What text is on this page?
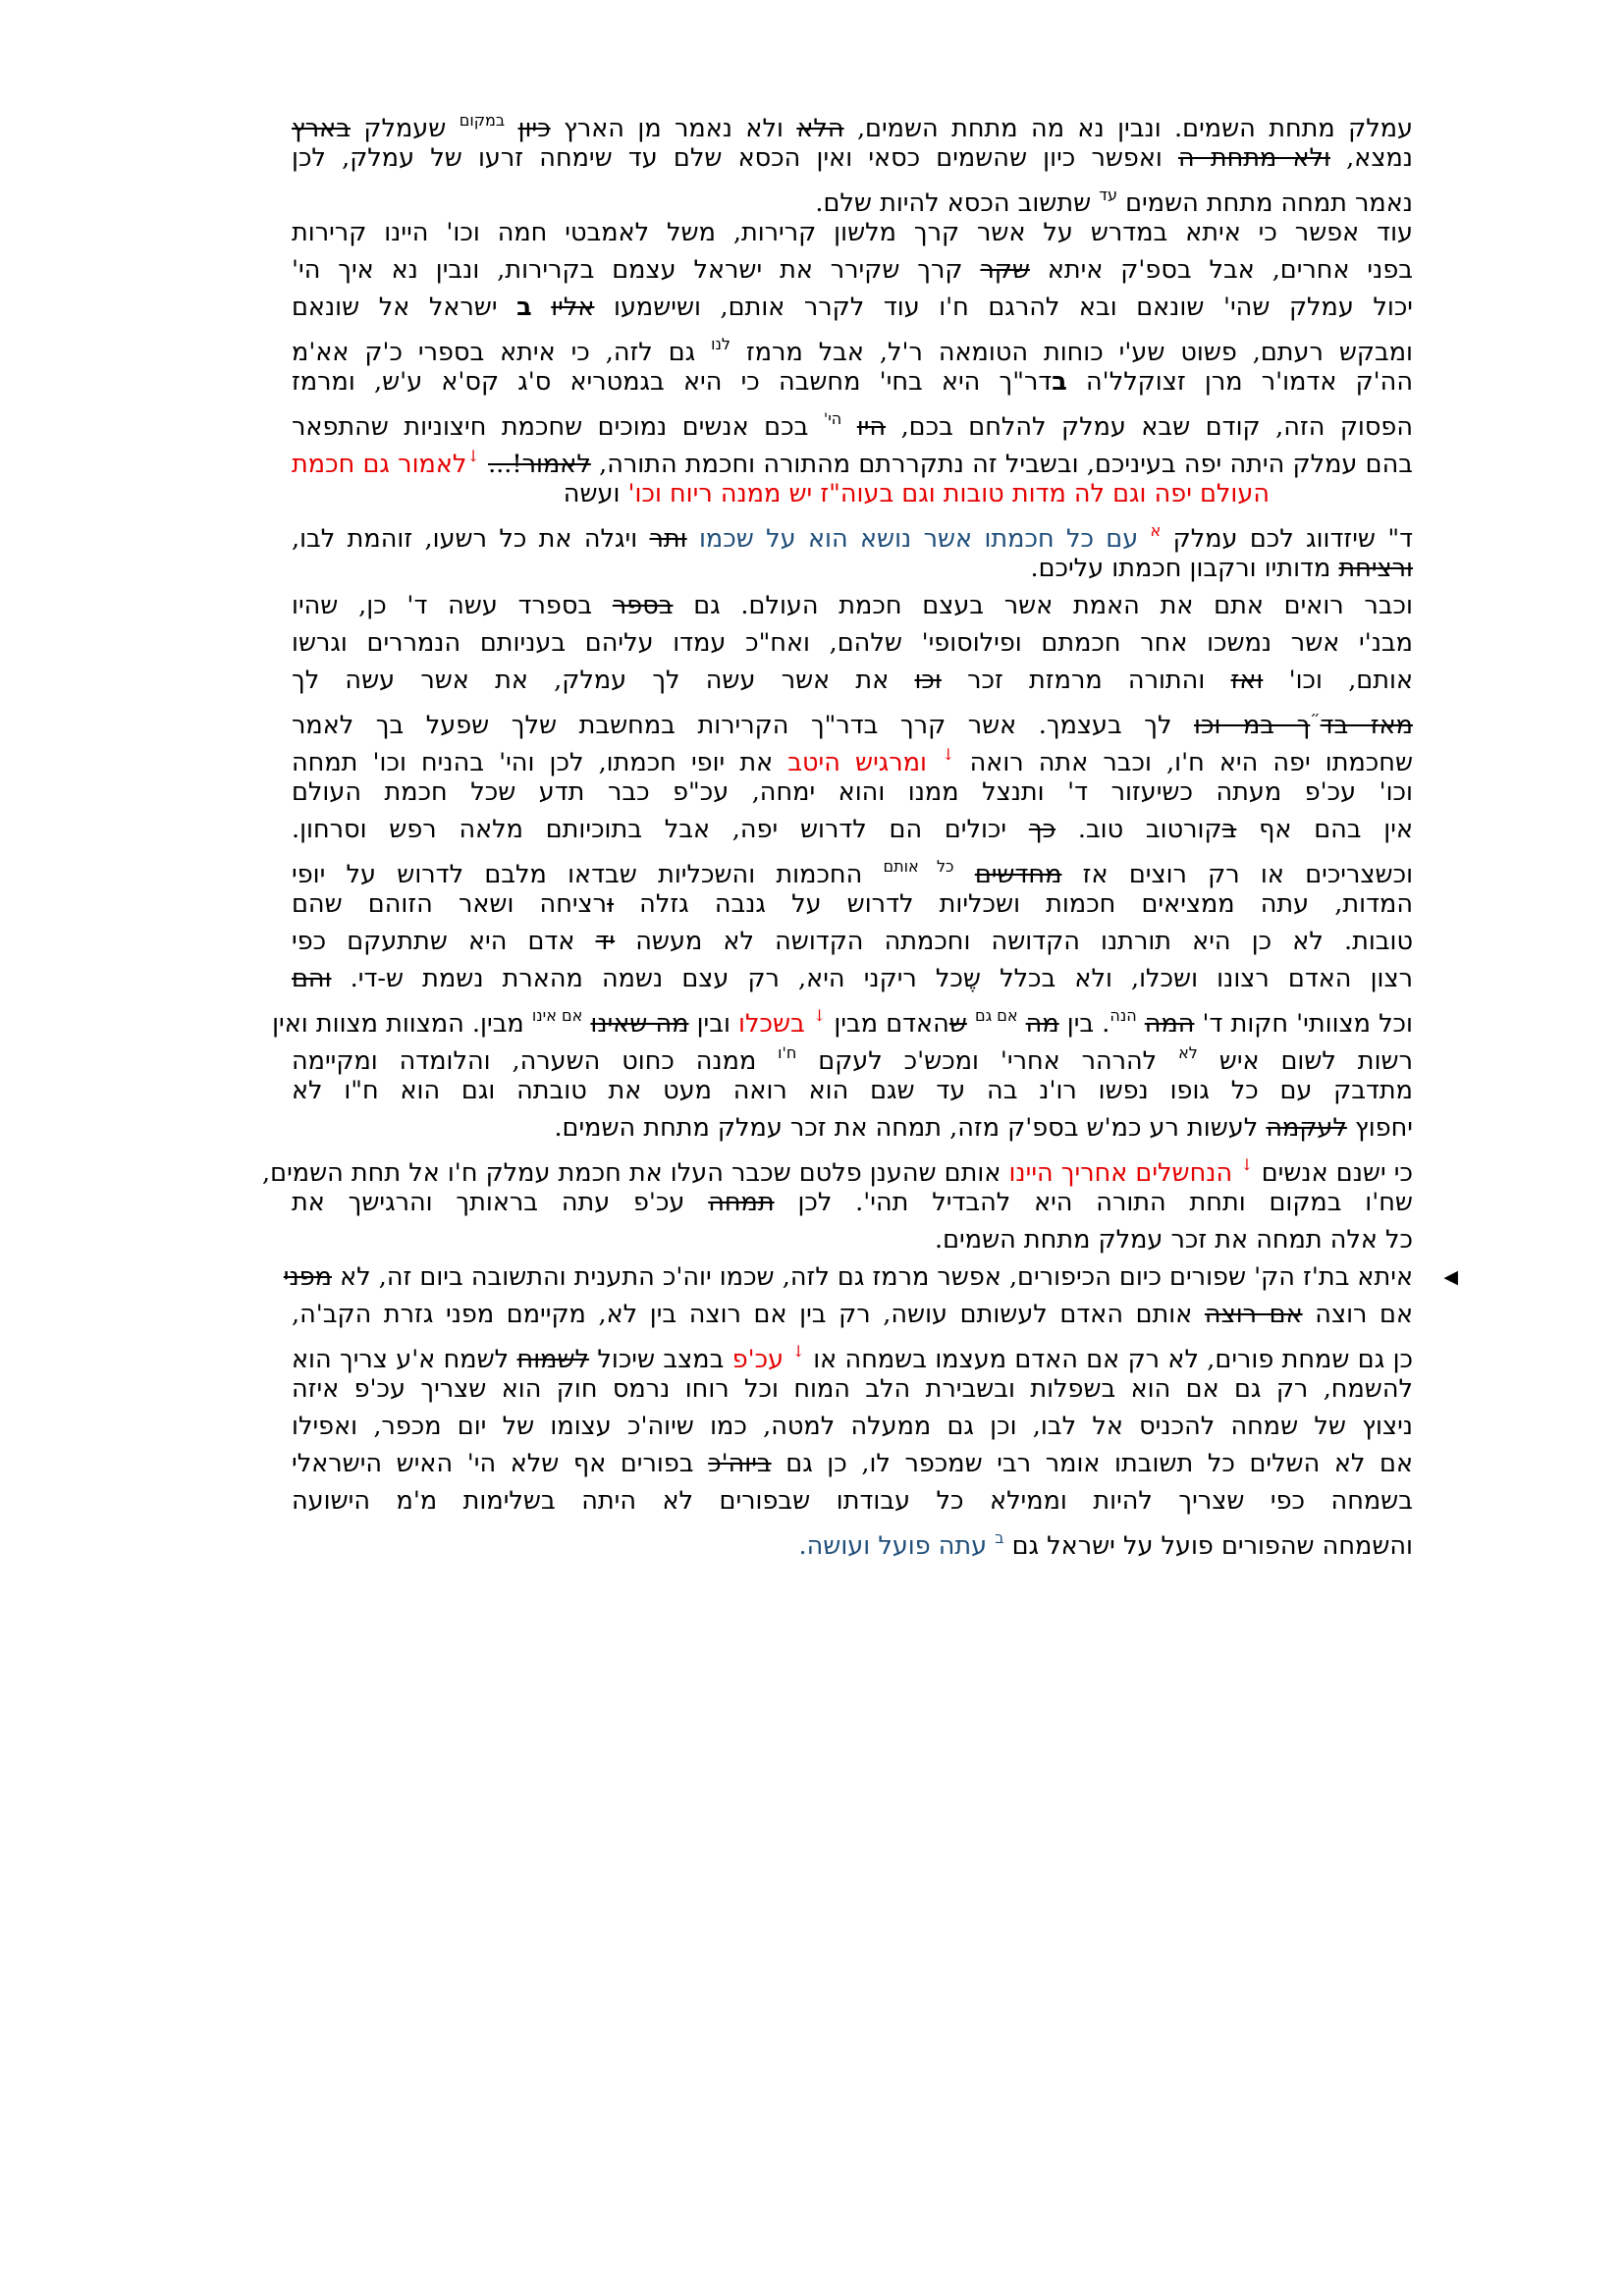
עמלק מתחת השמים. ונבין נא מה מתחת השמים, הלא ולא נאמר מן הארץ כיון $^{במקום}$ שעמלק בארץ
נמצא, ולא מתחת ה ואפשר כיון שהשמים כסאי ואין הכסא שלם עד שימחה זרעו של עמלק, לכן
נאמר תמחה מתחת השמים $^{עד}$ שתשוב הכסא להיות שלם.
עוד אפשר כי איתא במדרש על אשר קרך מלשון קרירות, משל לאמבטי חמה וכו' היינו קרירות
בפני אחרים, אבל בספ'ק איתא שקר קרך שקירר את ישראל עצמם בקרירות, ונבין נא איך הי'
יכול עמלק שהי' שונאם ובא להרגם ח'ו עוד לקרר אותם, ושישמעו אליו ב ישראל אל שונאם
ומבקש רעתם, פשוט שע'י כוחות הטומאה ר'ל, אבל מרמז $^{לנו}$ גם לזה, כי איתא בספרי כ'ק אא'מ
הה'ק אדמו'ר מרן זצוקלל'ה בדר"ך היא בחי' מחשבה כי היא בגמטריא ס'ג קס'א ע'ש, ומרמז
הפסוק הזה, קודם שבא עמלק להלחם בכם, היו $^{הי'}$ בכם אנשים נמוכים שחכמת חיצוניות שהתפאר
בהם עמלק היתה יפה בעיניכם, ובשביל זה נתקררתם מהתורה וחכמת התורה, לאמור!... ↓לאמור גם חכמת
העולם יפה וגם לה מדות טובות וגם בעוה"ז יש ממנה ריוח וכו' ועשה
ד" שיזדווג לכם עמלק $^א$ עם כל חכמתו אשר נושא הוא על שכמו ותר ויגלה את כל רשעו, זוהמת לבו,
ורציחת מדותיו ורקבון חכמתו עליכם.
וכבר רואים אתם את האמת אשר בעצם חכמת העולם. גם בספר בספרד עשה ד' כן, שהיו
מבנ'י אשר נמשכו אחר חכמתם ופילוסופי' שלהם, ואח"כ עמדו עליהם בעניותם הנמררים וגרשו
אותם, וכו' ואז והתורה מרמזת זכר וכו את אשר עשה לך עמלק, את אשר עשה לך
מאז בד״ך במ וכו לך בעצמך. אשר קרך בדר"ך הקרירות במחשבת שלך שפעל בך לאמר
שחכמתו יפה היא ח'ו, וכבר אתה רואה ↓ ומרגיש היטב את יופי חכמתו, לכן והי' בהניח וכו' תמחה
וכו' עכ'פ מעתה כשיעזור ד' ותנצל ממנו והוא ימחה, עכ"פ כבר תדע שכל חכמת העולם
אין בהם אף בקורטוב טוב. כך יכולים הם לדרוש יפה, אבל בתוכיותם מלאה רפש וסרחון.
וכשצריכים או רק רוצים אז מחדשים $^{כל אותם}$ החכמות והשכליות שבדאו מלבם לדרוש על יופי
המדות, עתה ממציאים חכמות ושכליות לדרוש על גנבה גזלה ורציחה ושאר הזוהם שהם
טובות. לא כן היא תורתנו הקדושה וחכמתה הקדושה לא מעשה יד אדם היא שתתעקם כפי
רצון האדם רצונו ושכלו, ולא בכלל שֶכל ריקני היא, רק עצם נשמה מהארת נשמת ש-די. והם
וכל מצוותי' חקות ד' המה $^{הנה}$. בין מה $^{אם גם}$ שהאדם מבין ↓ בשכלו ובין מה שאינו $^{אם אינו}$ מבין. המצוות מצוות ואין
רשות לשום איש $^{לא}$ להרהר אחרי' ומכש'כ לעקם $^{ח'ו}$ ממנה כחוט השערה, והלומדה ומקיימה
מתדבק עם כל גופו נפשו רו'נ בה עד שגם הוא רואה מעט את טובתה וגם הוא ח"ו לא
יחפוץ לעקמה לעשות רע כמ'ש בספ'ק מזה, תמחה את זכר עמלק מתחת השמים.
כי ישנם אנשים ↓ הנחשלים אחריך היינו אותם שהענן פלטם שכבר העלו את חכמת עמלק ח'ו אל תחת השמים,
שח'ו במקום ותחת התורה היא להבדיל תהי'. לכן תמחה עכ'פ עתה בראותך והרגישך את
כל אלה תמחה את זכר עמלק מתחת השמים.
◀
איתא בת'ז הק' שפורים כיום הכיפורים, אפשר מרמז גם לזה, שכמו יוה'כ התענית והתשובה ביום זה, לא מפני
אם רוצה אם רוצה אותם האדם לעשותם עושה, רק בין אם רוצה בין לא, מקיימם מפני גזרת הקב'ה,
כן גם שמחת פורים, לא רק אם האדם מעצמו בשמחה או ↓ עכ'פ במצב שיכול לשמוח לשמח א'ע צריך הוא
להשמח, רק גם אם הוא בשפלות ובשבירת הלב המוח וכל רוחו נרמס חוק הוא שצריך עכ'פ איזה
ניצוץ של שמחה להכניס אל לבו, וכן גם ממעלה למטה, כמו שיוה'כ עצומו של יום מכפר, ואפילו
אם לא השלים כל תשובתו אומר רבי שמכפר לו, כן גם ביוה'כ בפורים אף שלא הי' האיש הישראלי
בשמחה כפי שצריך להיות וממילא כל עבודתו שבפורים לא היתה בשלימות מ'מ הישועה
והשמחה שהפורים פועל על ישראל גם $^ב$ עתה פועל ועושה.
